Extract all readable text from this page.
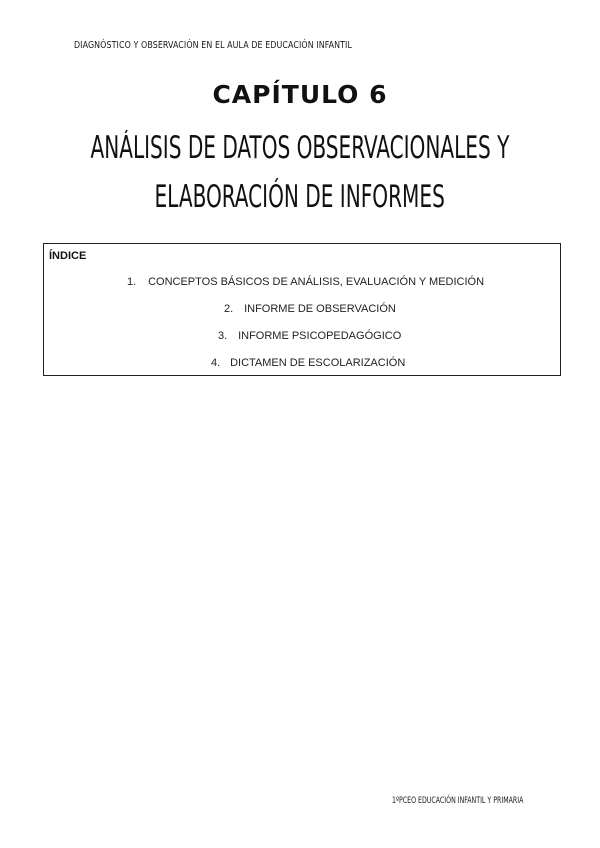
DIAGNÓSTICO Y OBSERVACIÓN EN EL AULA DE EDUCACIÓN INFANTIL
CAPÍTULO 6
ANÁLISIS DE DATOS OBSERVACIONALES Y
ELABORACIÓN DE INFORMES
ÍNDICE
1. CONCEPTOS BÁSICOS DE ANÁLISIS, EVALUACIÓN Y MEDICIÓN
2. INFORME DE OBSERVACIÓN
3. INFORME PSICOPEDAGÓGICO
4. DICTAMEN DE ESCOLARIZACIÓN
1ºPCEO EDUCACIÓN INFANTIL Y PRIMARIA
